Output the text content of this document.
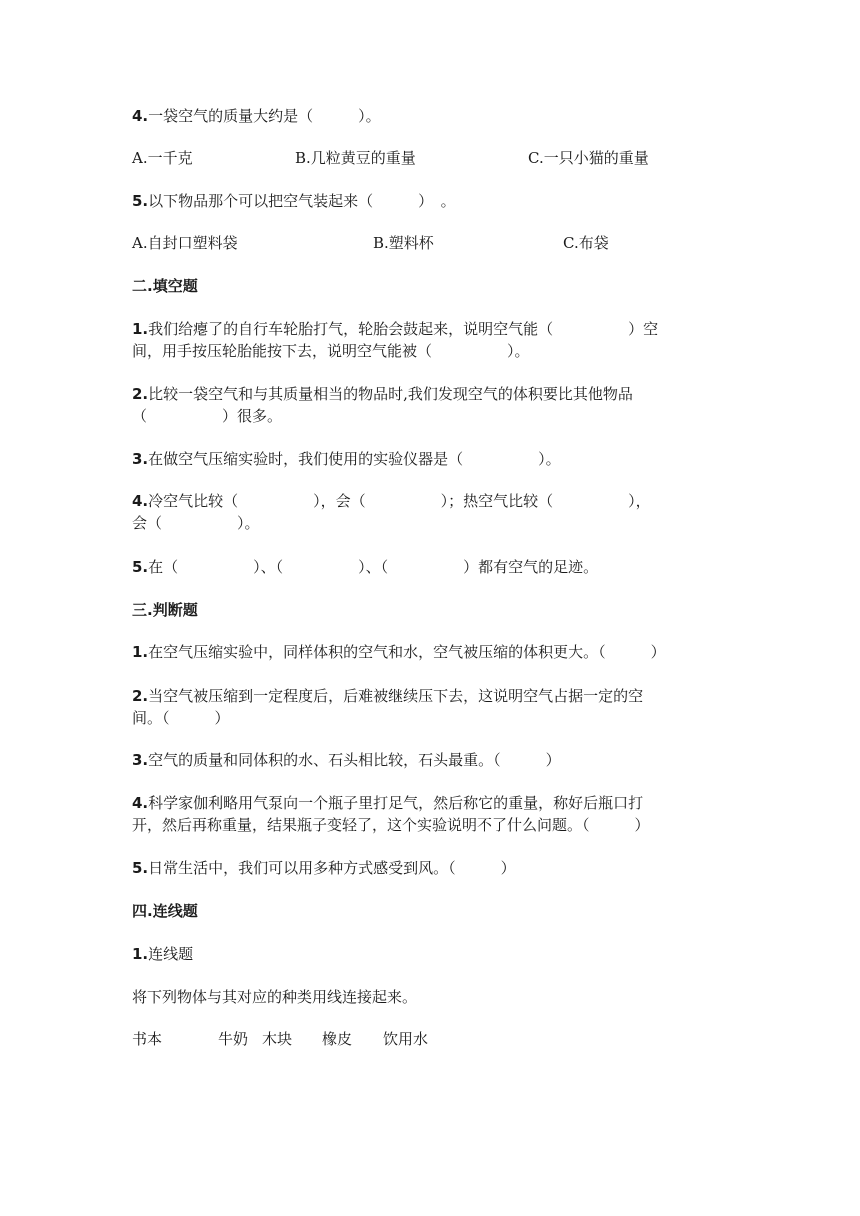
4.一袋空气的质量大约是（　　　）。
A.一千克	B.几粒黄豆的重量	C.一只小猫的重量
5.以下物品那个可以把空气装起来（　　　）　。
A.自封口塑料袋	B.塑料杯	C.布袋
二.填空题
1.我们给瘪了的自行车轮胎打气，轮胎会鼓起来，说明空气能（　　　　　）空
间，用手按压轮胎能按下去，说明空气能被（　　　　　）。
2.比较一袋空气和与其质量相当的物品时,我们发现空气的体积要比其他物品
（　　　　　）很多。
3.在做空气压缩实验时，我们使用的实验仪器是（　　　　　）。
4.冷空气比较（　　　　　），会（　　　　　）；热空气比较（　　　　　），
会（　　　　　）。
5.在（　　　　　）、（　　　　　）、（　　　　　）都有空气的足迹。
三.判断题
1.在空气压缩实验中，同样体积的空气和水，空气被压缩的体积更大。（　　　）
2.当空气被压缩到一定程度后，后难被继续压下去，这说明空气占据一定的空
间。（　　　）
3.空气的质量和同体积的水、石头相比较，石头最重。（　　　）
4.科学家伽利略用气泵向一个瓶子里打足气，然后称它的重量，称好后瓶口打
开，然后再称重量，结果瓶子变轻了，这个实验说明不了什么问题。（　　　）
5.日常生活中，我们可以用多种方式感受到风。（　　　）
四.连线题
1.连线题
将下列物体与其对应的种类用线连接起来。
书本	牛奶 木块 橡皮 饮用水
